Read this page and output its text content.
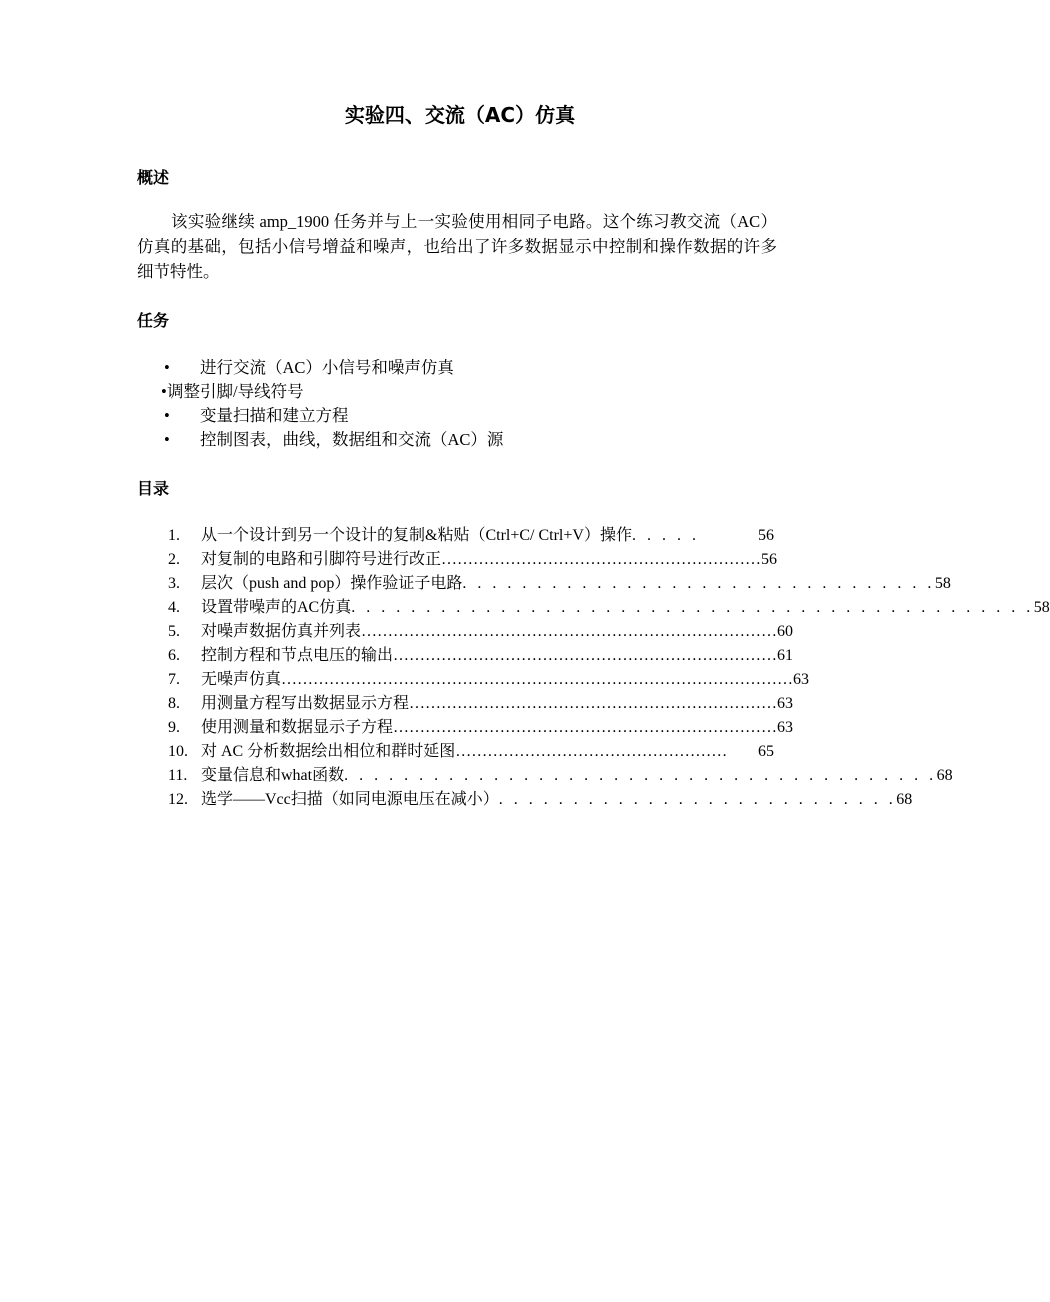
实验四、交流（AC）仿真
概述

该实验继续 amp_1900 任务并与上一实验使用相同子电路。这个练习教交流（AC）仿真的基础，包括小信号增益和噪声，也给出了许多数据显示中控制和操作数据的许多细节特性。

任务
• 进行交流（AC）小信号和噪声仿真
• 调整引脚/导线符号
• 变量扫描和建立方程
• 控制图表，曲线，数据组和交流（AC）源
目录
1.	从一个设计到另一个设计的复制&粘贴（Ctrl+C/ Ctrl+V）操作 . . . . .	56
2.	对复制的电路和引脚符号进行改正 …………………………………………………… 56
3.	层次（push and pop）操作验证子电路 . . . . . . . . . . . . . . . . . . . . . . . . . . . . . . . . 58
4.	设置带噪声的AC仿真 . . . . . . . . . . . . . . . . . . . . . . . . . . . . . . . . . . . . . . . . . . . . . . 58
5.	对噪声数据仿真并列表 …………………………………………………………………… 60
6.	控制方程和节点电压的输出 ……………………………………………………………… 61
7.	无噪声仿真 …………………………………………………………………………………… 63
8.	用测量方程写出数据显示方程 …………………………………………………………… 63
9.	使用测量和数据显示子方程 ……………………………………………………………… 63
10. 对 AC 分析数据绘出相位和群时延图 ……………………………………………	65
11. 变量信息和what函数 . . . . . . . . . . . . . . . . . . . . . . . . . . . . . . . . . . . . . . . . 68
12. 选学——Vcc扫描（如同电源电压在减小） . . . . . . . . . . . . . . . . . . . . . . . . . . . 68
